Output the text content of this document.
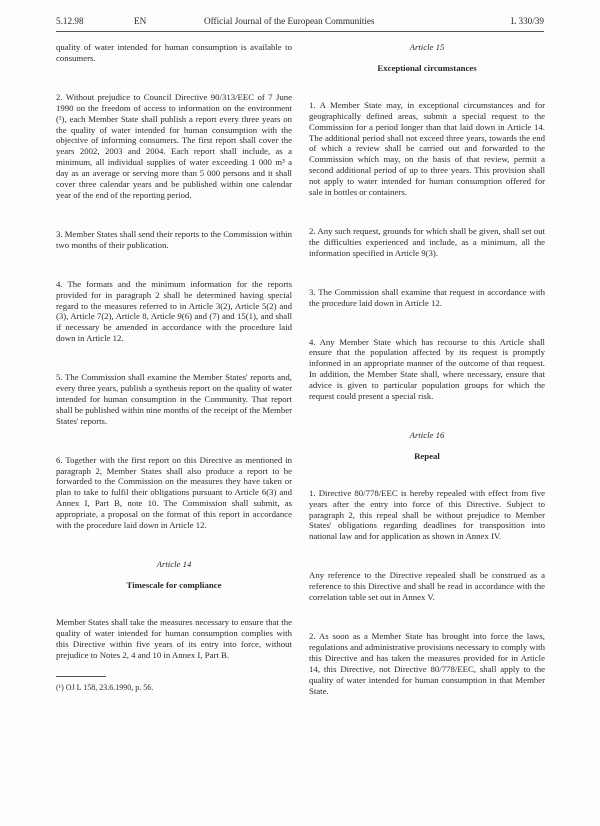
5.12.98	EN	Official Journal of the European Communities	L 330/39

quality of water intended for human consumption is available to consumers.

2. Without prejudice to Council Directive 90/313/EEC of 7 June 1990 on the freedom of access to information on the environment (¹), each Member State shall publish a report every three years on the quality of water intended for human consumption with the objective of informing consumers. The first report shall cover the years 2002, 2003 and 2004. Each report shall include, as a minimum, all individual supplies of water exceeding 1 000 m³ a day as an average or serving more than 5 000 persons and it shall cover three calendar years and be published within one calendar year of the end of the reporting period.

3. Member States shall send their reports to the Commission within two months of their publication.

4. The formats and the minimum information for the reports provided for in paragraph 2 shall be determined having special regard to the measures referred to in Article 3(2), Article 5(2) and (3), Article 7(2), Article 8, Article 9(6) and (7) and 15(1), and shall if necessary be amended in accordance with the procedure laid down in Article 12.

5. The Commission shall examine the Member States' reports and, every three years, publish a synthesis report on the quality of water intended for human consumption in the Community. That report shall be published within nine months of the receipt of the Member States' reports.

6. Together with the first report on this Directive as mentioned in paragraph 2, Member States shall also produce a report to be forwarded to the Commission on the measures they have taken or plan to take to fulfil their obligations pursuant to Article 6(3) and Annex I, Part B, note 10. The Commission shall submit, as appropriate, a proposal on the format of this report in accordance with the procedure laid down in Article 12.

Article 14

Timescale for compliance

Member States shall take the measures necessary to ensure that the quality of water intended for human consumption complies with this Directive within five years of its entry into force, without prejudice to Notes 2, 4 and 10 in Annex I, Part B.

(¹) OJ L 158, 23.6.1990, p. 56.

Article 15

Exceptional circumstances

1. A Member State may, in exceptional circumstances and for geographically defined areas, submit a special request to the Commission for a period longer than that laid down in Article 14. The additional period shall not exceed three years, towards the end of which a review shall be carried out and forwarded to the Commission which may, on the basis of that review, permit a second additional period of up to three years. This provision shall not apply to water intended for human consumption offered for sale in bottles or containers.

2. Any such request, grounds for which shall be given, shall set out the difficulties experienced and include, as a minimum, all the information specified in Article 9(3).

3. The Commission shall examine that request in accordance with the procedure laid down in Article 12.

4. Any Member State which has recourse to this Article shall ensure that the population affected by its request is promptly informed in an appropriate manner of the outcome of that request. In addition, the Member State shall, where necessary, ensure that advice is given to particular population groups for which the request could present a special risk.

Article 16

Repeal

1. Directive 80/778/EEC is hereby repealed with effect from five years after the entry into force of this Directive. Subject to paragraph 2, this repeal shall be without prejudice to Member States' obligations regarding deadlines for transposition into national law and for application as shown in Annex IV.

Any reference to the Directive repealed shall be construed as a reference to this Directive and shall be read in accordance with the correlation table set out in Annex V.

2. As soon as a Member State has brought into force the laws, regulations and administrative provisions necessary to comply with this Directive and has taken the measures provided for in Article 14, this Directive, not Directive 80/778/EEC, shall apply to the quality of water intended for human consumption in that Member State.
